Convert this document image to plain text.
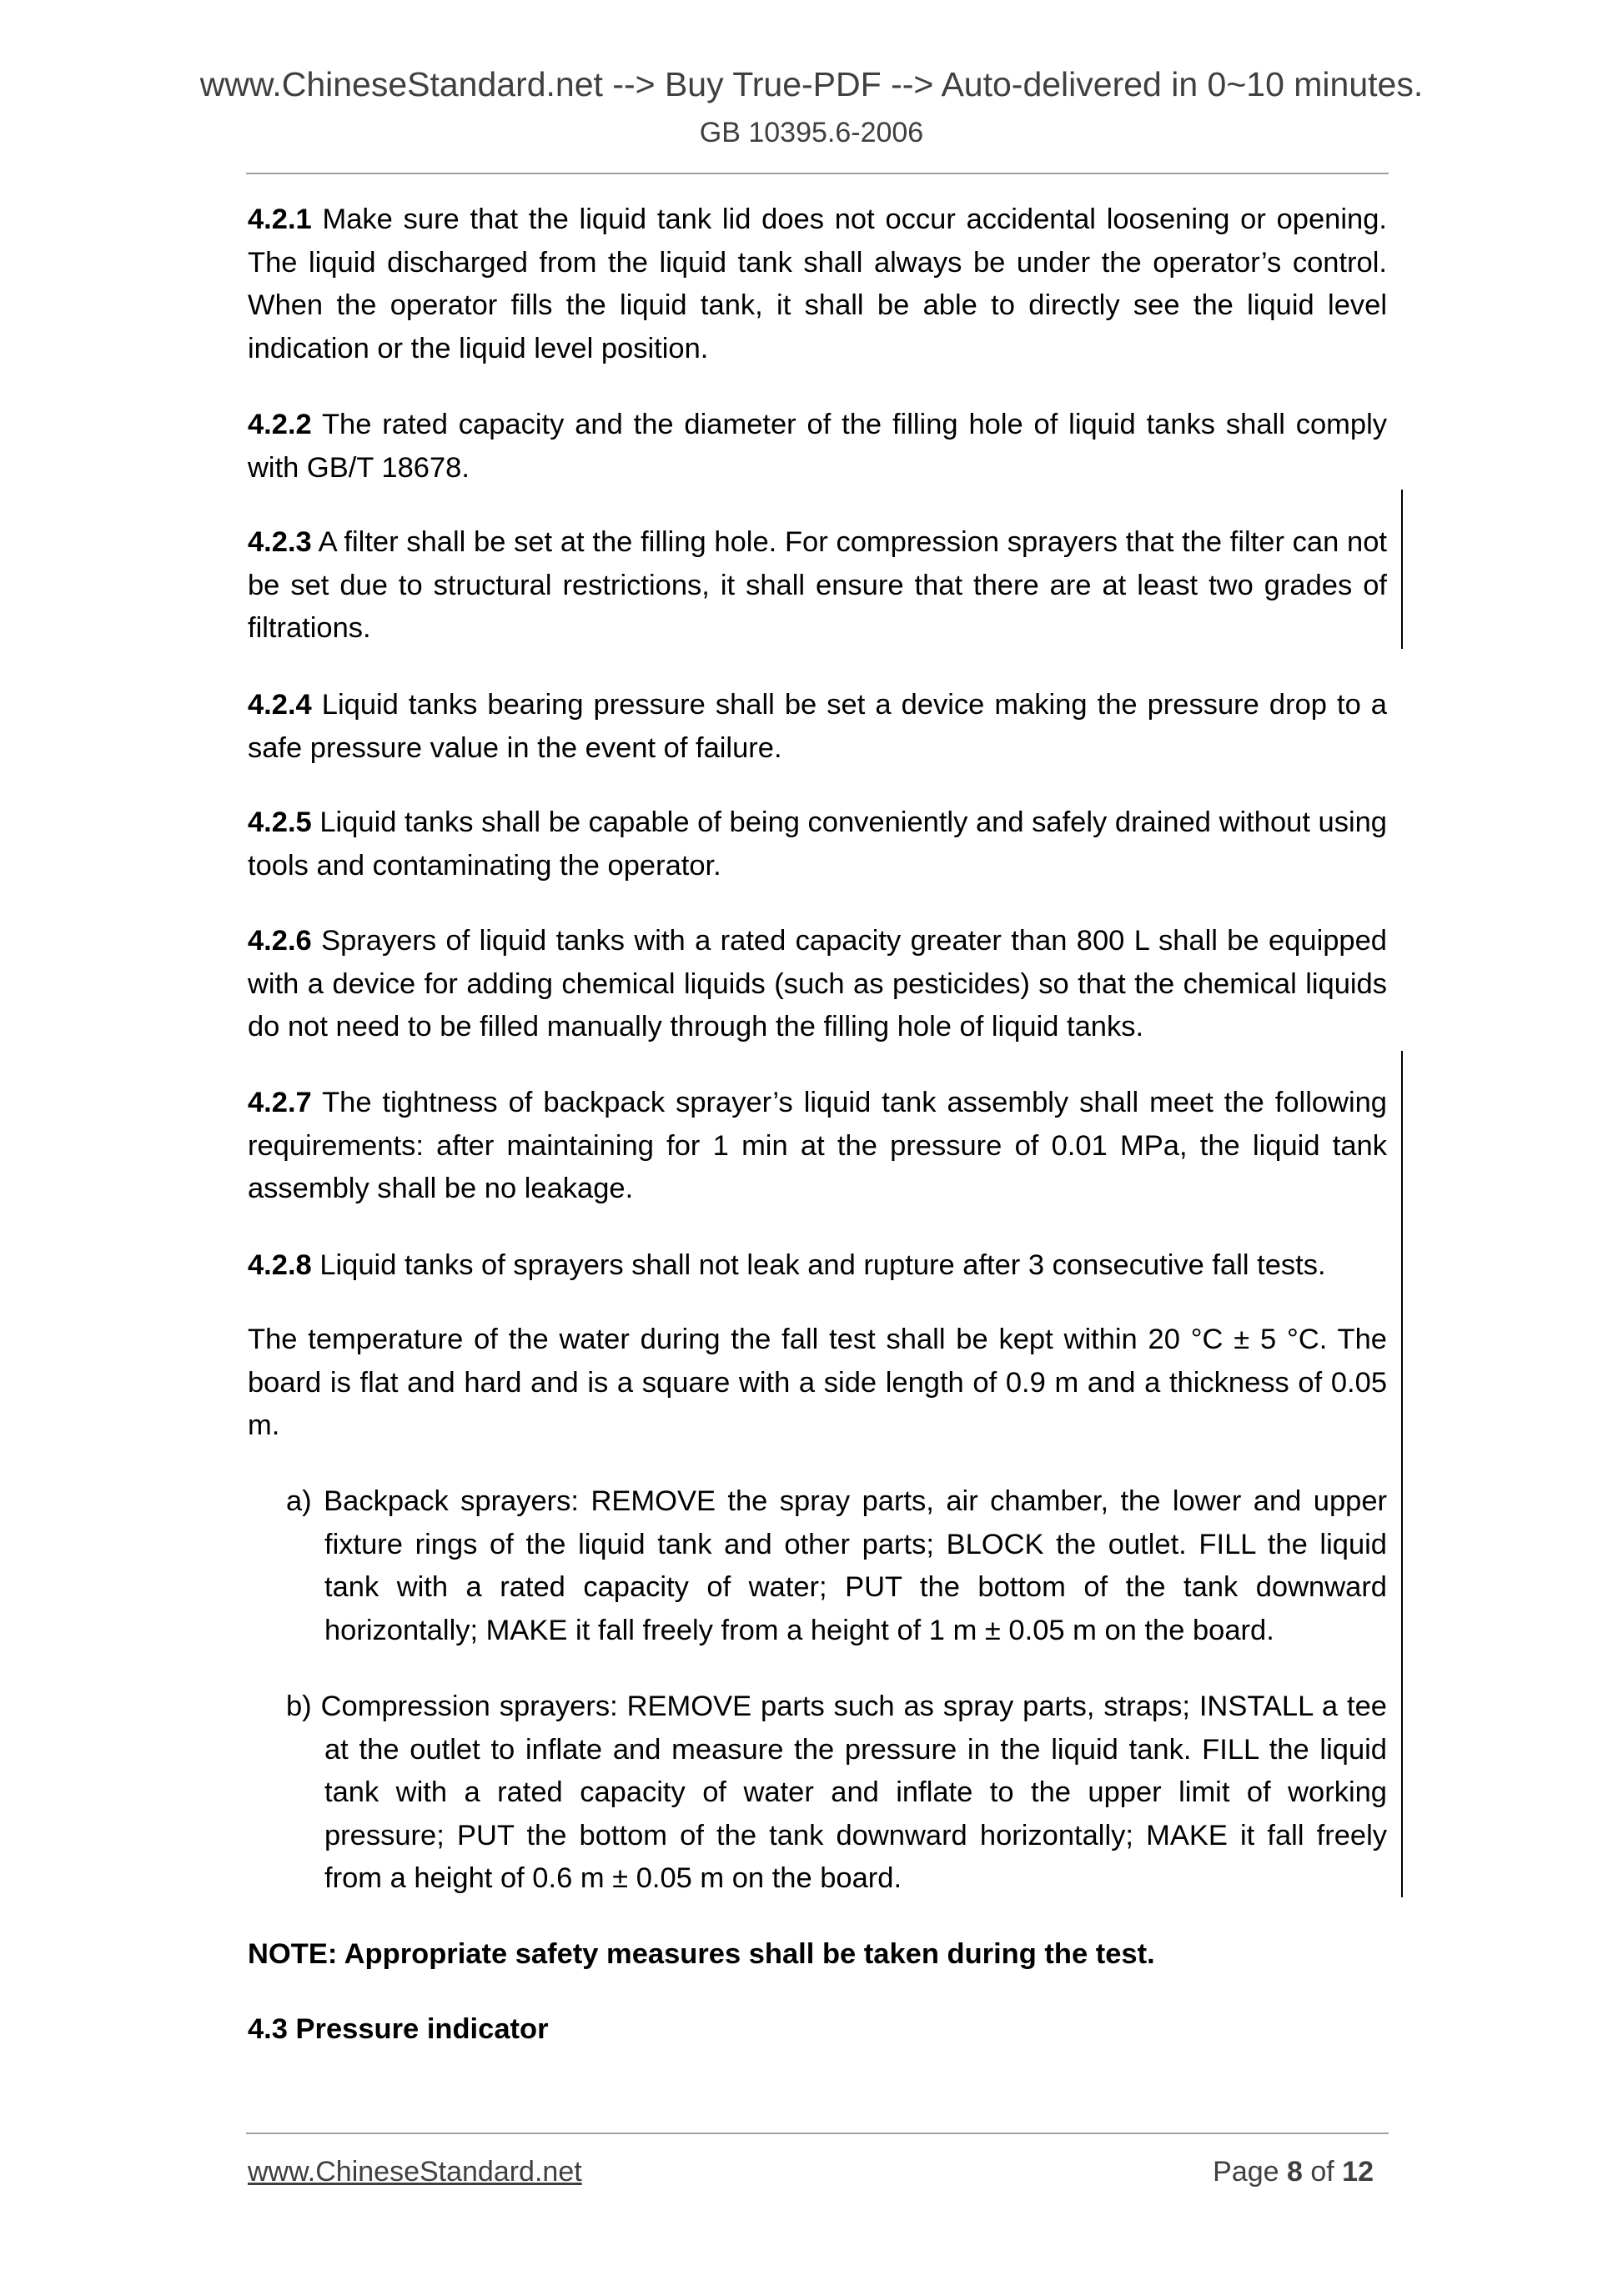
www.ChineseStandard.net --> Buy True-PDF --> Auto-delivered in 0~10 minutes.
GB 10395.6-2006
4.2.1 Make sure that the liquid tank lid does not occur accidental loosening or opening. The liquid discharged from the liquid tank shall always be under the operator’s control. When the operator fills the liquid tank, it shall be able to directly see the liquid level indication or the liquid level position.
4.2.2 The rated capacity and the diameter of the filling hole of liquid tanks shall comply with GB/T 18678.
4.2.3 A filter shall be set at the filling hole. For compression sprayers that the filter can not be set due to structural restrictions, it shall ensure that there are at least two grades of filtrations.
4.2.4 Liquid tanks bearing pressure shall be set a device making the pressure drop to a safe pressure value in the event of failure.
4.2.5 Liquid tanks shall be capable of being conveniently and safely drained without using tools and contaminating the operator.
4.2.6 Sprayers of liquid tanks with a rated capacity greater than 800 L shall be equipped with a device for adding chemical liquids (such as pesticides) so that the chemical liquids do not need to be filled manually through the filling hole of liquid tanks.
4.2.7 The tightness of backpack sprayer’s liquid tank assembly shall meet the following requirements: after maintaining for 1 min at the pressure of 0.01 MPa, the liquid tank assembly shall be no leakage.
4.2.8 Liquid tanks of sprayers shall not leak and rupture after 3 consecutive fall tests.
The temperature of the water during the fall test shall be kept within 20 °C ± 5 °C. The board is flat and hard and is a square with a side length of 0.9 m and a thickness of 0.05 m.
a) Backpack sprayers: REMOVE the spray parts, air chamber, the lower and upper fixture rings of the liquid tank and other parts; BLOCK the outlet. FILL the liquid tank with a rated capacity of water; PUT the bottom of the tank downward horizontally; MAKE it fall freely from a height of 1 m ± 0.05 m on the board.
b) Compression sprayers: REMOVE parts such as spray parts, straps; INSTALL a tee at the outlet to inflate and measure the pressure in the liquid tank. FILL the liquid tank with a rated capacity of water and inflate to the upper limit of working pressure; PUT the bottom of the tank downward horizontally; MAKE it fall freely from a height of 0.6 m ± 0.05 m on the board.
NOTE: Appropriate safety measures shall be taken during the test.
4.3 Pressure indicator
www.ChineseStandard.net	Page 8 of 12
